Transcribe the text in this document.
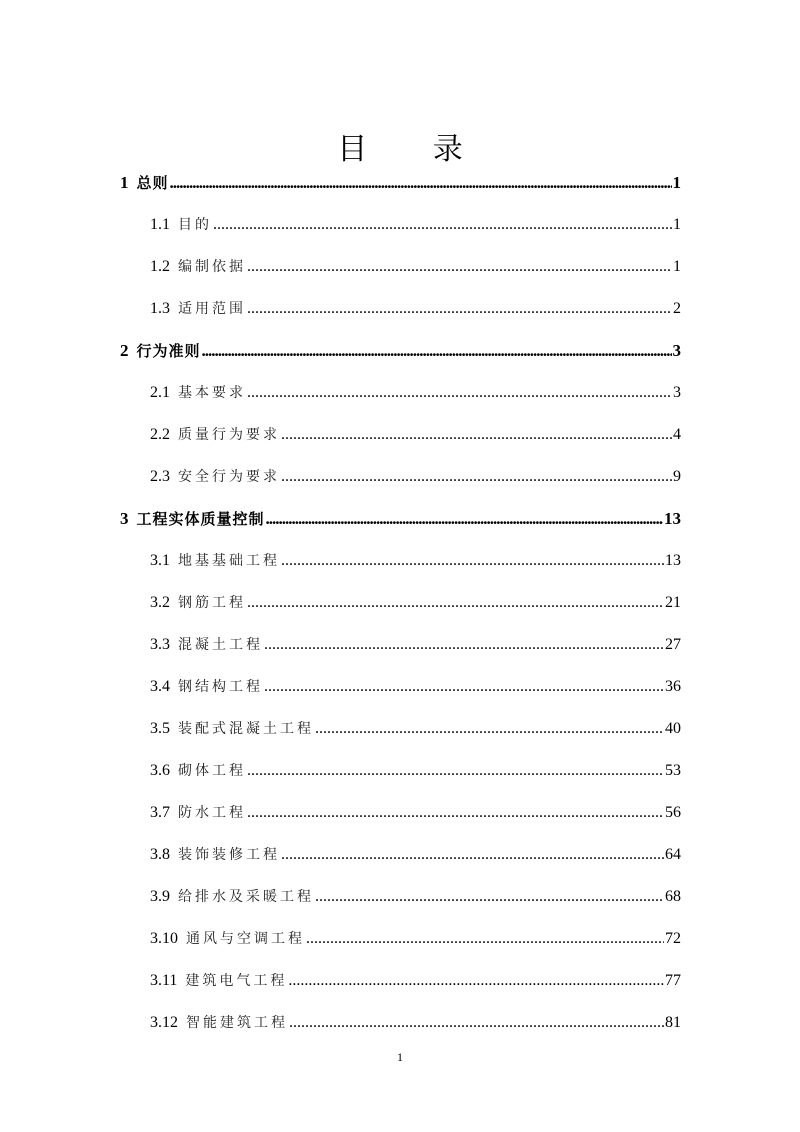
目 录
1 总则 .....	1
1.1 目的 .....	1
1.2 编制依据 .....	1
1.3 适用范围 .....	2
2 行为准则 .....	3
2.1 基本要求 .....	3
2.2 质量行为要求 .....	4
2.3 安全行为要求 .....	9
3 工程实体质量控制 .....	13
3.1 地基基础工程 .....	13
3.2 钢筋工程 .....	21
3.3 混凝土工程 .....	27
3.4 钢结构工程 .....	36
3.5 装配式混凝土工程 .....	40
3.6 砌体工程 .....	53
3.7 防水工程 .....	56
3.8 装饰装修工程 .....	64
3.9 给排水及采暖工程 .....	68
3.10 通风与空调工程 .....	72
3.11 建筑电气工程 .....	77
3.12 智能建筑工程 .....	81
1
